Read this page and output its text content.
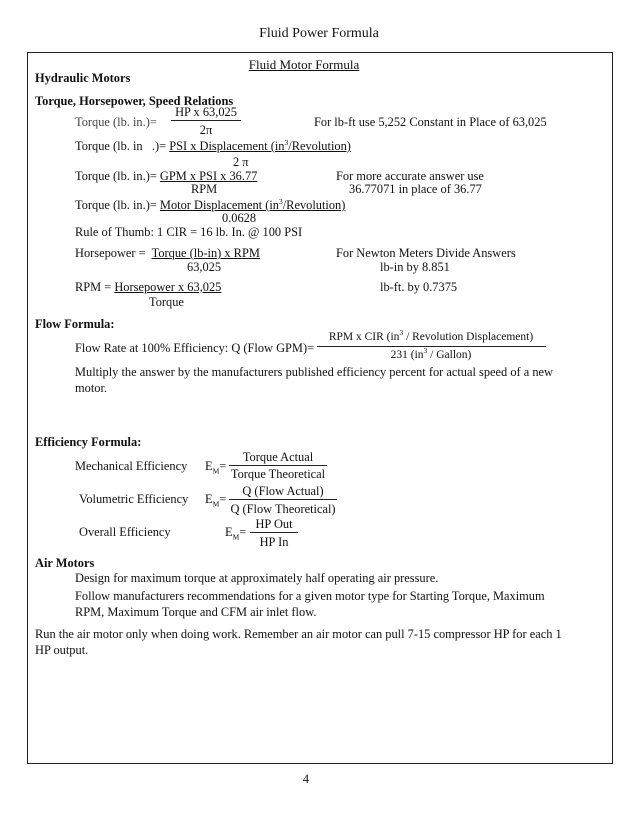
Fluid Power Formula
Fluid Motor Formula
Hydraulic Motors
Torque, Horsepower, Speed Relations
Torque (lb. in.)=
HP x 63,025
2π
For lb-ft use 5,252 Constant in Place of 63,025
Torque (lb. in   .)= PSI x Displacement $(in^3/Revolution)$
2 π
Torque (lb. in.)= GPM x PSI x 36.77
RPM
For more accurate answer use
36.77071 in place of 36.77
Torque (lb. in.)= Motor Displacement $(in^3/Revolution)$
0.0628
Rule of Thumb: 1 CIR = 16 lb. In. @ 100 PSI
Horsepower =  Torque (lb-in) x RPM
63,025
For Newton Meters Divide Answers
lb-in by 8.851
RPM = Horsepower x 63,025
Torque
lb-ft. by 0.7375
Flow Formula:
Flow Rate at 100% Efficiency: Q (Flow GPM)=
RPM x CIR ($in^3$ / Revolution Displacement)
231 ($in^3$ / Gallon)
Multiply the answer by the manufacturers published efficiency percent for actual speed of a new motor.
Efficiency Formula:
Mechanical Efficiency $E_M=$
Torque Actual
Torque Theoretical
Volumetric Efficiency $E_M=$
Q (Flow Actual)
Q (Flow Theoretical)
Overall Efficiency	$E_M=$
HP Out
HP In
Air Motors
Design for maximum torque at approximately half operating air pressure.
Follow manufacturers recommendations for a given motor type for Starting Torque, Maximum RPM, Maximum Torque and CFM air inlet flow.
Run the air motor only when doing work. Remember an air motor can pull 7-15 compressor HP for each 1 HP output.
4
